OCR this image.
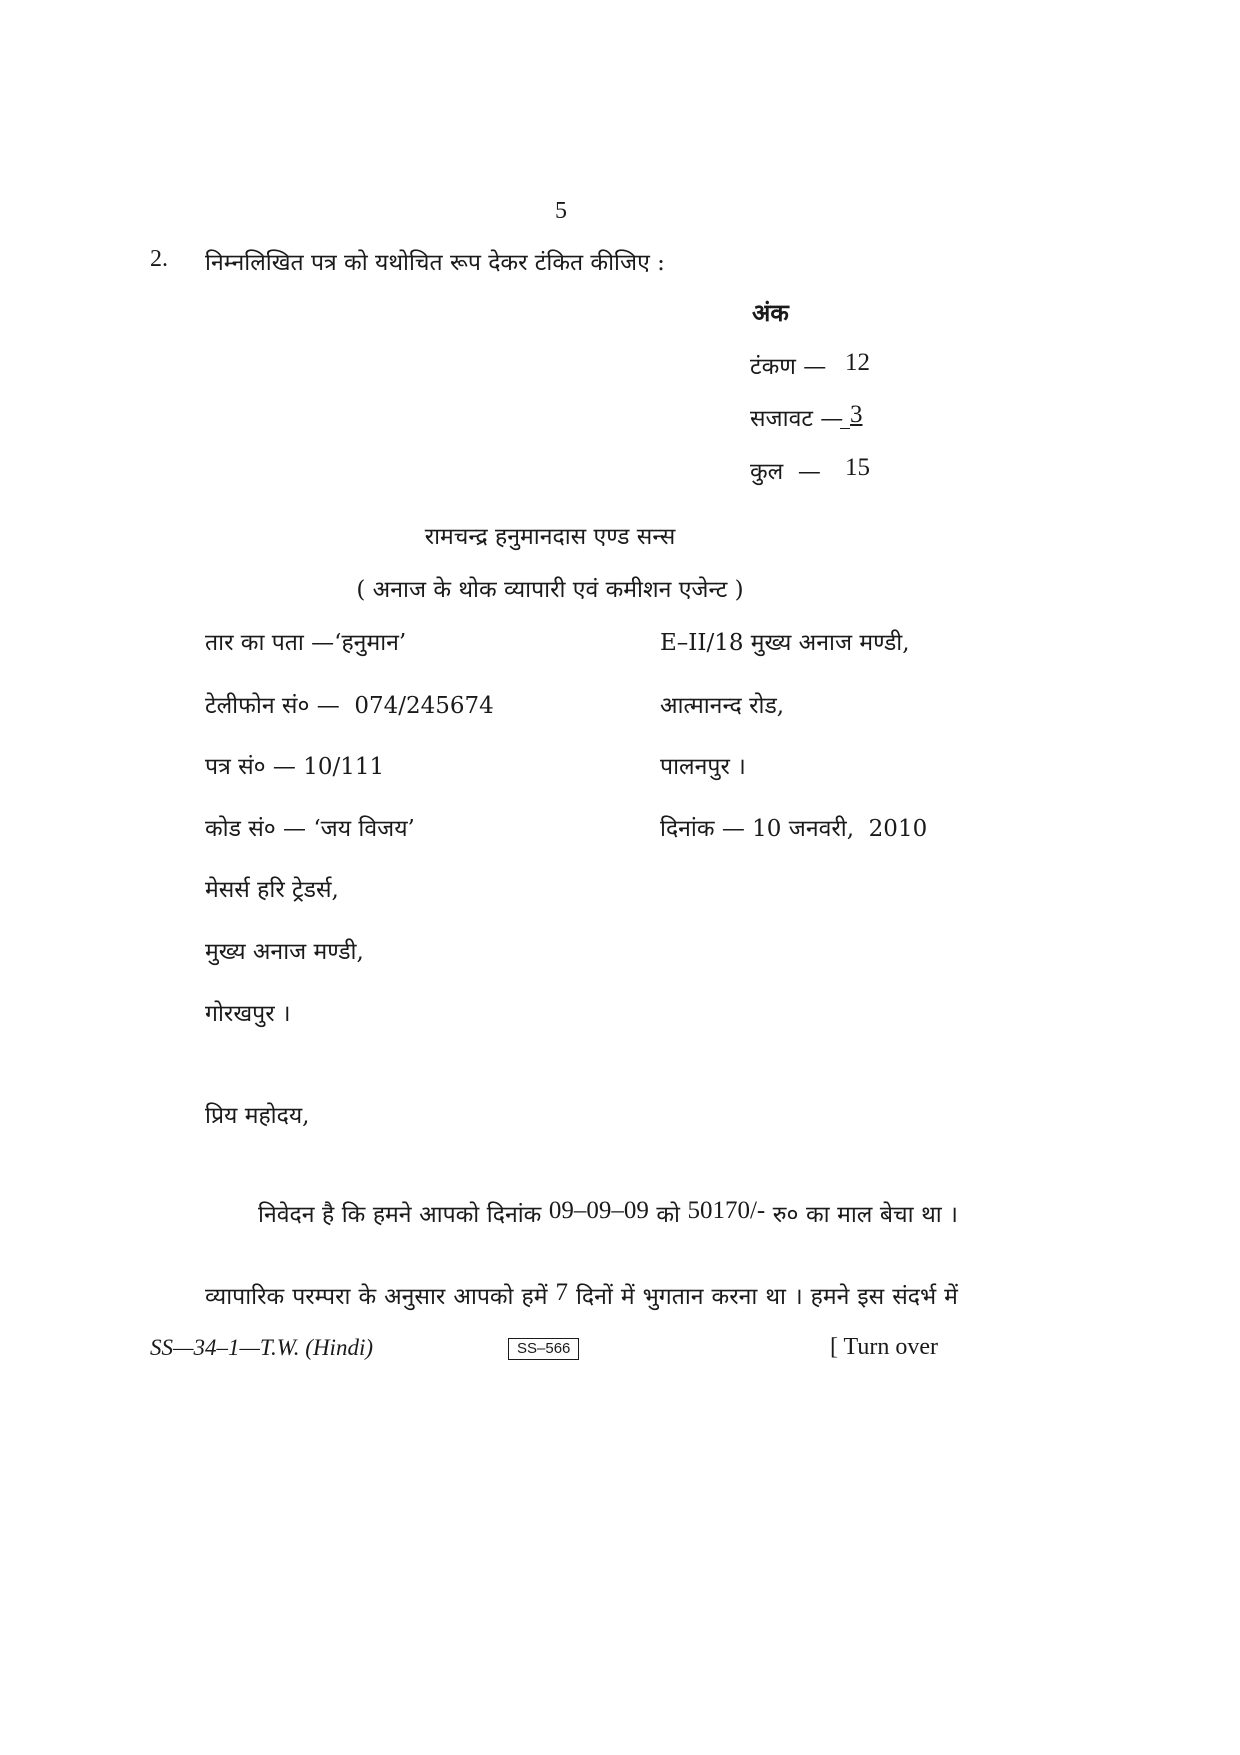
5
2. निम्नलिखित पत्र को यथोचित रूप देकर टंकित कीजिए :
अंक
टंकण — 12
सजावट — 3
कुल  — 15
रामचन्द्र हनुमानदास एण्ड सन्स
( अनाज के थोक व्यापारी एवं कमीशन एजेन्ट )
तार का पता —‘हनुमान’
टेलीफोन सं० —  074/245674
पत्र सं० — 10/111
कोड सं० — ‘जय विजय’
E–II/18 मुख्य अनाज मण्डी,
आत्मानन्द रोड,
पालनपुर ।
दिनांक — 10 जनवरी,  2010
मेसर्स हरि ट्रेडर्स,
मुख्य अनाज मण्डी,
गोरखपुर ।
प्रिय महोदय,
निवेदन है कि हमने आपको दिनांक 09–09–09 को 50170/- रु० का माल बेचा था ।
व्यापारिक परम्परा के अनुसार आपको हमें 7 दिनों में भुगतान करना था । हमने इस संदर्भ में
SS—34–1—T.W. (Hindi)	SS–566	[ Turn over
